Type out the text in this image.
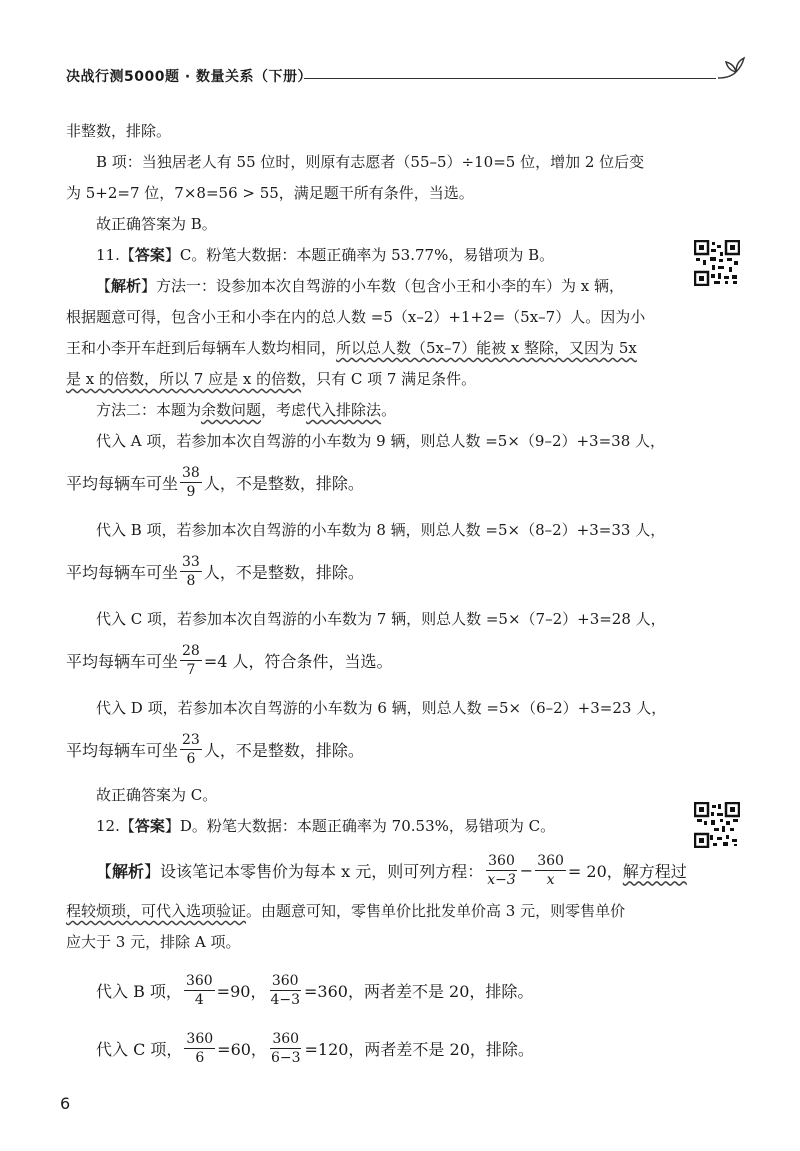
决战行测5000题 · 数量关系（下册）

非整数，排除。

B 项：当独居老人有 55 位时，则原有志愿者（55–5）÷10=5 位，增加 2 位后变

为 5+2=7 位，7×8=56 > 55，满足题干所有条件，当选。

故正确答案为 B。

11.【答案】C。粉笔大数据：本题正确率为 53.77%，易错项为 B。

【解析】方法一：设参加本次自驾游的小车数（包含小王和小李的车）为 x 辆，

根据题意可得，包含小王和小李在内的总人数 =5（x–2）+1+2=（5x–7）人。因为小

王和小李开车赶到后每辆车人数均相同，所以总人数（5x–7）能被 x 整除，又因为 5x

是 x 的倍数，所以 7 应是 x 的倍数，只有 C 项 7 满足条件。

方法二：本题为余数问题，考虑代入排除法。

代入 A 项，若参加本次自驾游的小车数为 9 辆，则总人数 =5×（9–2）+3=38 人，

平均每辆车可坐 $\frac{38}{9}$ 人 ，不是整数，排除。

代入 B 项，若参加本次自驾游的小车数为 8 辆，则总人数 =5×（8–2）+3=33 人，

平均每辆车可坐 $\frac{33}{8}$ 人 ，不是整数，排除。

代入 C 项，若参加本次自驾游的小车数为 7 辆，则总人数 =5×（7–2）+3=28 人，

平均每辆车可坐 $\frac{28}{7} =4$ 人，符合条件，当选。

代入 D 项，若参加本次自驾游的小车数为 6 辆，则总人数 =5×（6–2）+3=23 人，

平均每辆车可坐 $\frac{23}{6}$ 人 ，不是整数，排除。

故正确答案为 C。

12.【答案】D。粉笔大数据：本题正确率为 70.53%，易错项为 C。

【 解析 】设该笔记本零售价为每本 x 元，则可列方程： $\frac{360}{x-3} - \frac{360}{x} = 20$， 解方程过

程较烦琐，可代入选项验证。由题意可知，零售单价比批发单价高 3 元，则零售单价

应大于 3 元，排除 A 项。

代入 B 项， $\frac{360}{4} =90$， $\frac{360}{4-3} =360$，两者差不是 20，排除。
代入 C 项， $\frac{360}{6} =60$， $\frac{360}{6-3} =120$，两者差不是 20，排除。
6
